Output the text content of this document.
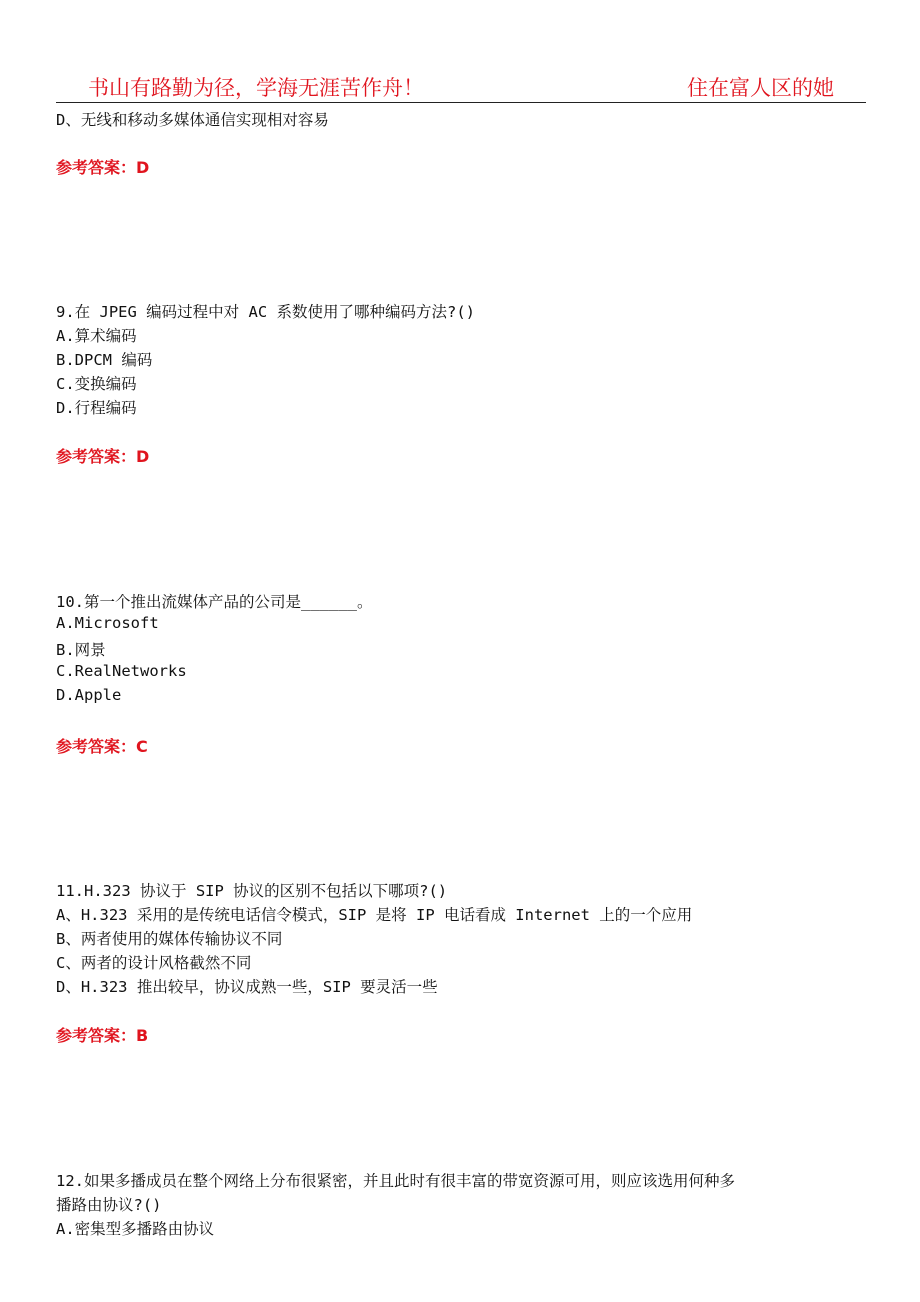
书山有路勤为径，学海无涯苦作舟！	住在富人区的她
D、无线和移动多媒体通信实现相对容易
参考答案：D
9.在 JPEG 编码过程中对 AC 系数使用了哪种编码方法?()
A.算术编码
B.DPCM 编码
C.变换编码
D.行程编码
参考答案：D
10.第一个推出流媒体产品的公司是______。
A.Microsoft
B.网景
C.RealNetworks
D.Apple
参考答案：C
11.H.323 协议于 SIP 协议的区别不包括以下哪项?()
A、H.323 采用的是传统电话信令模式，SIP 是将 IP 电话看成 Internet 上的一个应用
B、两者使用的媒体传输协议不同
C、两者的设计风格截然不同
D、H.323 推出较早，协议成熟一些，SIP 要灵活一些
参考答案：B
12.如果多播成员在整个网络上分布很紧密，并且此时有很丰富的带宽资源可用，则应该选用何种多
播路由协议?()
A.密集型多播路由协议
